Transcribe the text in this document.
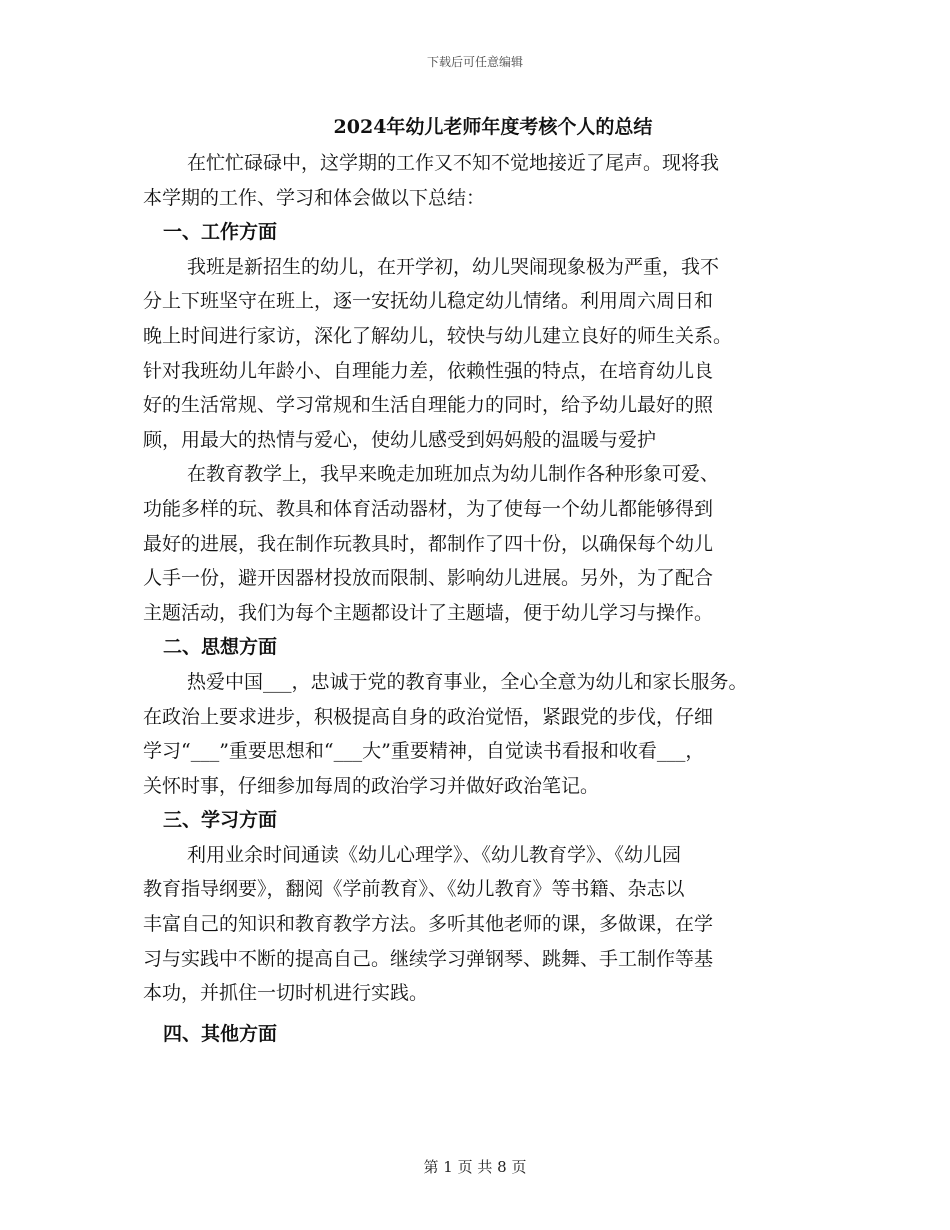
下载后可任意编辑
2024年幼儿老师年度考核个人的总结

在忙忙碌碌中，这学期的工作又不知不觉地接近了尾声。现将我
本学期的工作、学习和体会做以下总结：

一、工作方面

我班是新招生的幼儿，在开学初，幼儿哭闹现象极为严重，我不
分上下班坚守在班上，逐一安抚幼儿稳定幼儿情绪。利用周六周日和
晚上时间进行家访，深化了解幼儿，较快与幼儿建立良好的师生关系。
针对我班幼儿年龄小、自理能力差，依赖性强的特点，在培育幼儿良
好的生活常规、学习常规和生活自理能力的同时，给予幼儿最好的照
顾，用最大的热情与爱心，使幼儿感受到妈妈般的温暖与爱护

在教育教学上，我早来晚走加班加点为幼儿制作各种形象可爱、
功能多样的玩、教具和体育活动器材，为了使每一个幼儿都能够得到
最好的进展，我在制作玩教具时，都制作了四十份，以确保每个幼儿
人手一份，避开因器材投放而限制、影响幼儿进展。另外，为了配合
主题活动，我们为每个主题都设计了主题墙，便于幼儿学习与操作。

二、思想方面

热爱中国___，忠诚于党的教育事业，全心全意为幼儿和家长服务。
在政治上要求进步，积极提高自身的政治觉悟，紧跟党的步伐，仔细
学习“___”重要思想和“___大”重要精神，自觉读书看报和收看___，
关怀时事，仔细参加每周的政治学习并做好政治笔记。

三、学习方面

利用业余时间通读《幼儿心理学》、《幼儿教育学》、《幼儿园
教育指导纲要》，翻阅《学前教育》、《幼儿教育》等书籍、杂志以
丰富自己的知识和教育教学方法。多听其他老师的课，多做课，在学
习与实践中不断的提高自己。继续学习弹钢琴、跳舞、手工制作等基
本功，并抓住一切时机进行实践。

四、其他方面
第 1 页 共 8 页
